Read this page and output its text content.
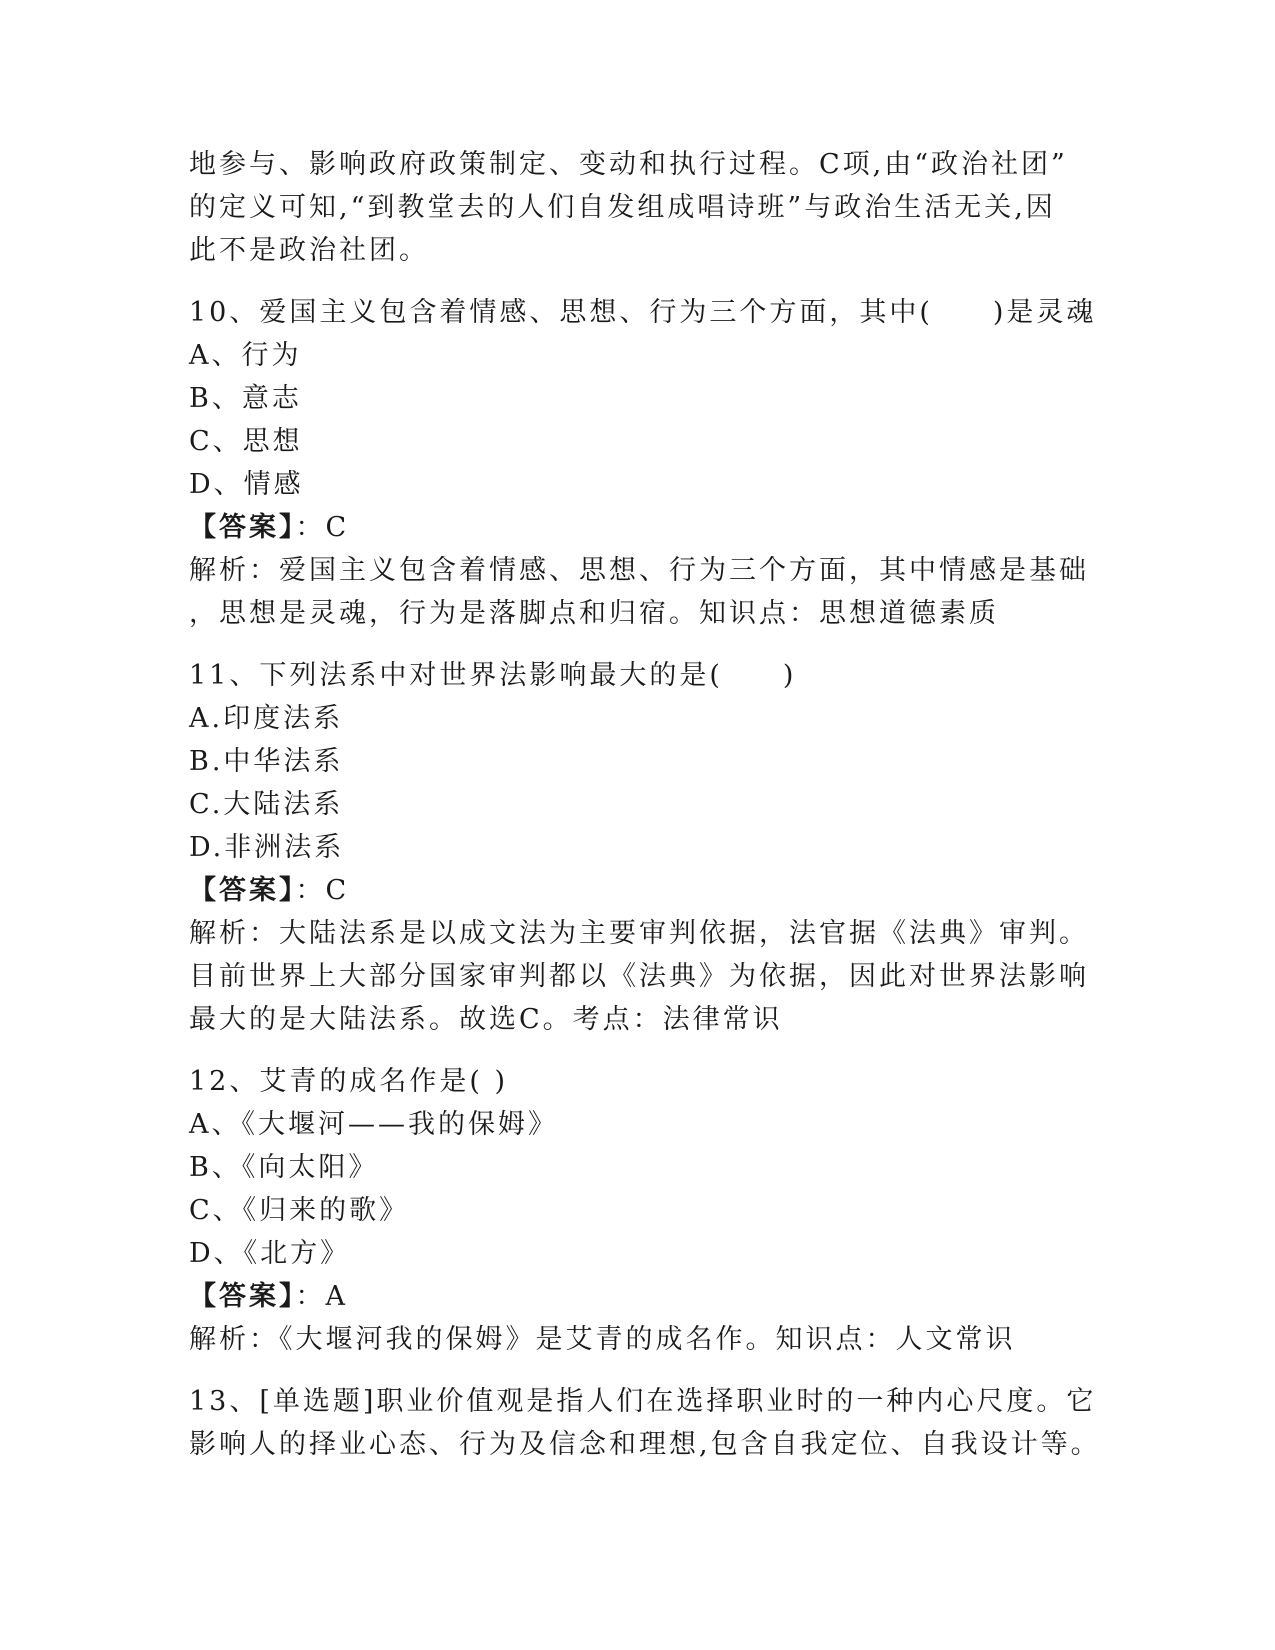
地参与、影响政府政策制定、变动和执行过程。C项,由“政治社团”
的定义可知,“到教堂去的人们自发组成唱诗班”与政治生活无关,因
此不是政治社团。
10、爱国主义包含着情感、思想、行为三个方面，其中(　　)是灵魂
A、行为
B、意志
C、思想
D、情感
【答案】：C
解析：爱国主义包含着情感、思想、行为三个方面，其中情感是基础
，思想是灵魂，行为是落脚点和归宿。知识点：思想道德素质
11、下列法系中对世界法影响最大的是(　　)
A.印度法系
B.中华法系
C.大陆法系
D.非洲法系
【答案】：C
解析：大陆法系是以成文法为主要审判依据，法官据《法典》审判。
目前世界上大部分国家审判都以《法典》为依据，因此对世界法影响
最大的是大陆法系。故选C。考点：法律常识
12、艾青的成名作是( )
A、《大堰河——我的保姆》
B、《向太阳》
C、《归来的歌》
D、《北方》
【答案】：A
解析：《大堰河我的保姆》是艾青的成名作。知识点：人文常识
13、[单选题]职业价值观是指人们在选择职业时的一种内心尺度。它
影响人的择业心态、行为及信念和理想,包含自我定位、自我设计等。
